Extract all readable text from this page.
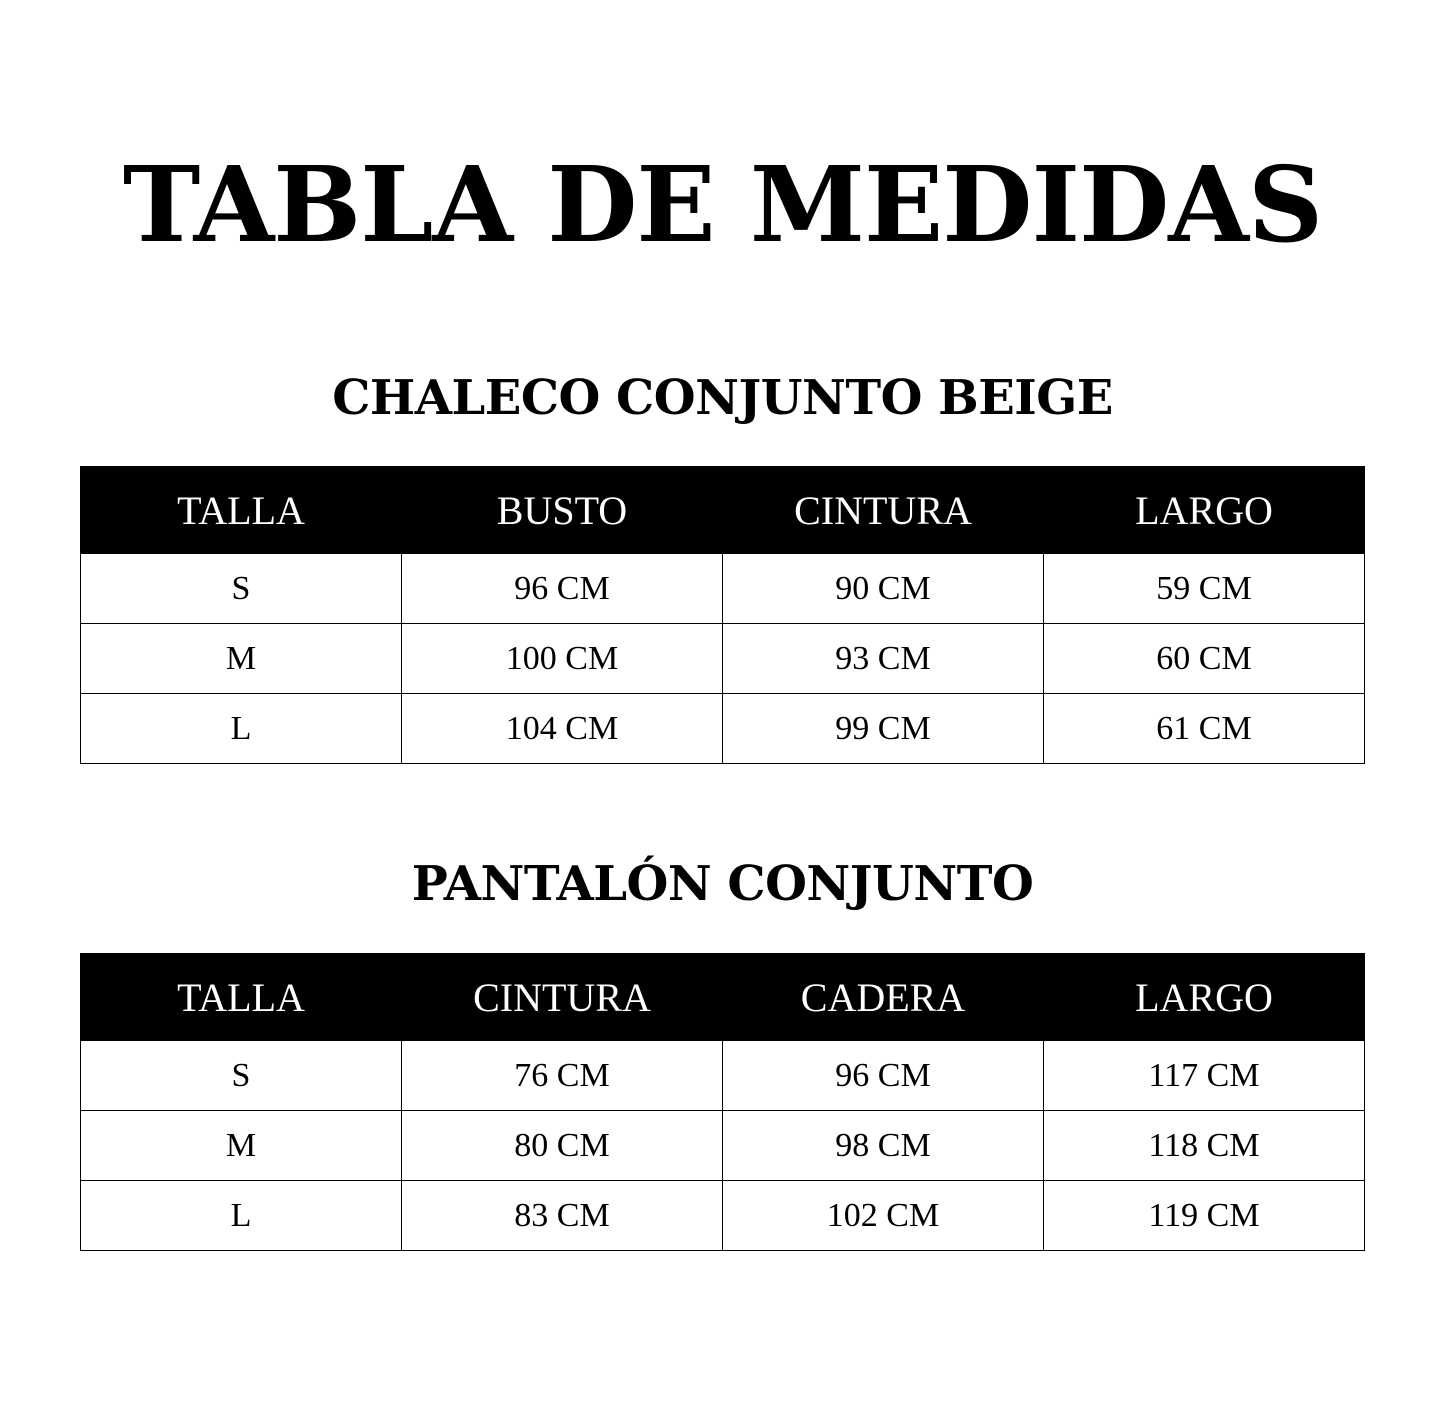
TABLA DE MEDIDAS
CHALECO CONJUNTO BEIGE
TALLA	BUSTO	CINTURA	LARGO
S	96 CM	90 CM	59 CM
M	100 CM	93 CM	60 CM
L	104 CM	99 CM	61 CM
PANTALÓN CONJUNTO
TALLA	CINTURA	CADERA	LARGO
S	76 CM	96 CM	117 CM
M	80 CM	98 CM	118 CM
L	83 CM	102 CM	119 CM
